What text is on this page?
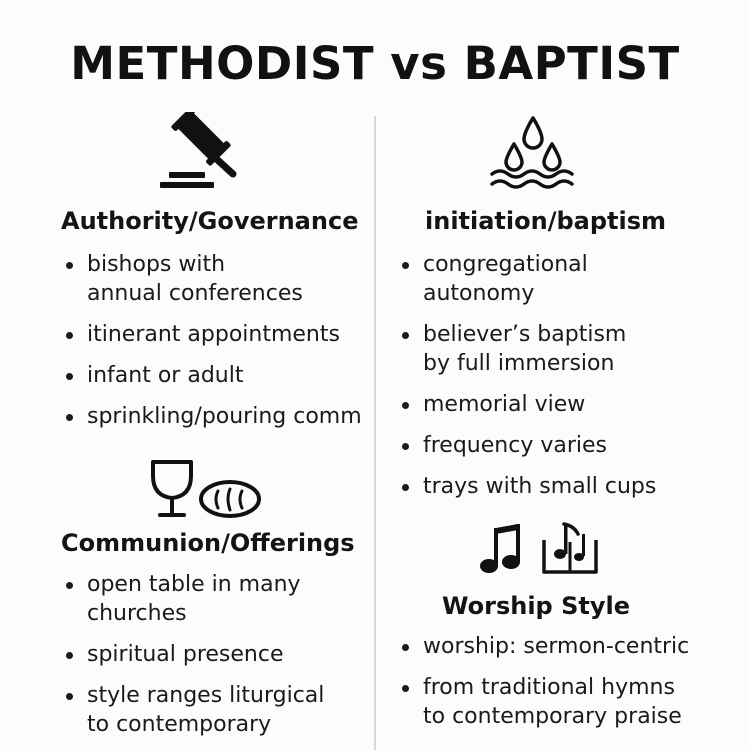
METHODIST vs BAPTIST
Authority/Governance
bishops with
annual conferences
itinerant appointments
infant or adult
sprinkling/pouring comm
Communion/Offerings
open table in many
churches
spiritual presence
style ranges liturgical
to contemporary
initiation/baptism
congregational
autonomy
believer’s baptism
by full immersion
memorial view
frequency varies
trays with small cups
Worship Style
worship: sermon-centric
from traditional hymns
to contemporary praise
